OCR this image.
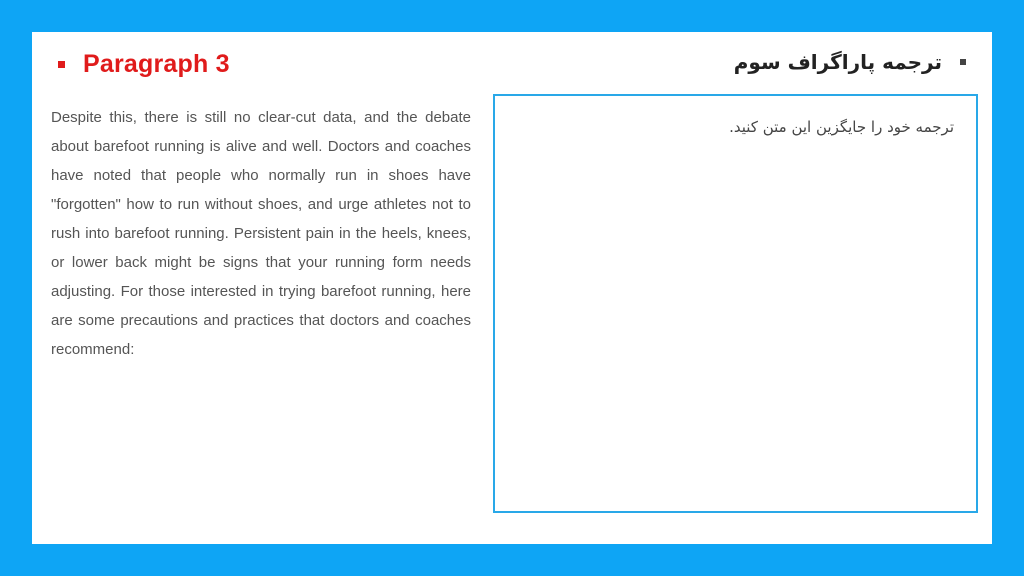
Paragraph 3	ترجمه پاراگراف سوم
Despite this, there is still no clear-cut data, and the debate about barefoot running is alive and well. Doctors and coaches have noted that people who normally run in shoes have "forgotten" how to run without shoes, and urge athletes not to rush into barefoot running. Persistent pain in the heels, knees, or lower back might be signs that your running form needs adjusting. For those interested in trying barefoot running, here are some precautions and practices that doctors and coaches recommend:
ترجمه خود را جایگزین این متن کنید.
